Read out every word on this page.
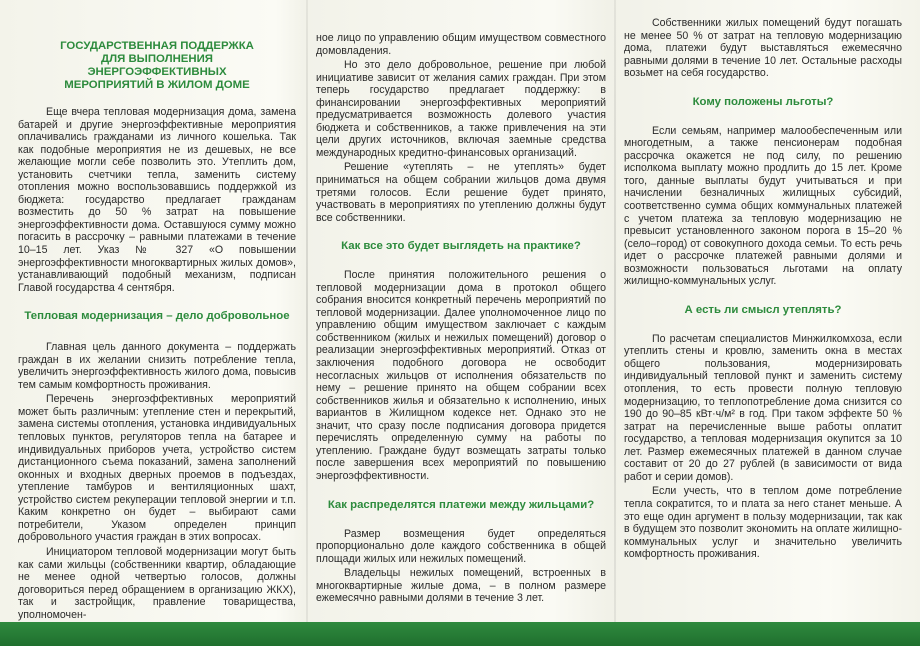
ГОСУДАРСТВЕННАЯ ПОДДЕРЖКА ДЛЯ ВЫПОЛНЕНИЯ ЭНЕРГОЭФФЕКТИВНЫХ МЕРОПРИЯТИЙ В ЖИЛОМ ДОМЕ

Еще вчера тепловая модернизация дома, замена батарей и другие энергоэффективные мероприятия оплачивались гражданами из личного кошелька. Так как подобные мероприятия не из дешевых, не все желающие могли себе позволить это. Утеплить дом, установить счетчики тепла, заменить систему отопления можно воспользовавшись поддержкой из бюджета: государство предлагает гражданам возместить до 50 % затрат на повышение энергоэффективности дома. Оставшуюся сумму можно погасить в рассрочку – равными платежами в течение 10–15 лет. Указ № 327 «О повышении энергоэффективности многоквартирных жилых домов», устанавливающий подобный механизм, подписан Главой государства 4 сентября.

Тепловая модернизация – дело добровольное

Главная цель данного документа – поддержать граждан в их желании снизить потребление тепла, увеличить энергоэффективность жилого дома, повысив тем самым комфортность проживания.

Перечень энергоэффективных мероприятий может быть различным: утепление стен и перекрытий, замена системы отопления, установка индивидуальных тепловых пунктов, регуляторов тепла на батарее и индивидуальных приборов учета, устройство систем дистанционного съема показаний, замена заполнений оконных и входных дверных проемов в подъездах, утепление тамбуров и вентиляционных шахт, устройство систем рекуперации тепловой энергии и т.п. Каким конкретно он будет – выбирают сами потребители, Указом определен принцип добровольного участия граждан в этих вопросах.

Инициатором тепловой модернизации могут быть как сами жильцы (собственники квартир, обладающие не менее одной четвертью голосов, должны договориться перед обращением в организацию ЖКХ), так и застройщик, правление товарищества, уполномочен-

ное лицо по управлению общим имуществом совместного домовладения.

Но это дело добровольное, решение при любой инициативе зависит от желания самих граждан. При этом теперь государство предлагает поддержку: в финансировании энергоэффективных мероприятий предусматривается возможность долевого участия бюджета и собственников, а также привлечения на эти цели других источников, включая заемные средства международных кредитно-финансовых организаций.

Решение «утеплять – не утеплять» будет приниматься на общем собрании жильцов дома двумя третями голосов. Если решение будет принято, участвовать в мероприятиях по утеплению должны будут все собственники.

Как все это будет выглядеть на практике?

После принятия положительного решения о тепловой модернизации дома в протокол общего собрания вносится конкретный перечень мероприятий по тепловой модернизации. Далее уполномоченное лицо по управлению общим имуществом заключает с каждым собственником (жилых и нежилых помещений) договор о реализации энергоэффективных мероприятий. Отказ от заключения подобного договора не освободит несогласных жильцов от исполнения обязательств по нему – решение принято на общем собрании всех собственников жилья и обязательно к исполнению, иных вариантов в Жилищном кодексе нет. Однако это не значит, что сразу после подписания договора придется перечислять определенную сумму на работы по утеплению. Граждане будут возмещать затраты только после завершения всех мероприятий по повышению энергоэффективности.

Как распределятся платежи между жильцами?

Размер возмещения будет определяться пропорционально доле каждого собственника в общей площади жилых или нежилых помещений.

Владельцы нежилых помещений, встроенных в многоквартирные жилые дома, – в полном размере ежемесячно равными долями в течение 3 лет.

Собственники жилых помещений будут погашать не менее 50 % от затрат на тепловую модернизацию дома, платежи будут выставляться ежемесячно равными долями в течение 10 лет. Остальные расходы возьмет на себя государство.

Кому положены льготы?

Если семьям, например малообеспеченным или многодетным, а также пенсионерам подобная рассрочка окажется не под силу, по решению исполкома выплату можно продлить до 15 лет. Кроме того, данные выплаты будут учитываться и при начислении безналичных жилищных субсидий, соответственно сумма общих коммунальных платежей с учетом платежа за тепловую модернизацию не превысит установленного законом порога в 15–20 % (село–город) от совокупного дохода семьи. То есть речь идет о рассрочке платежей равными долями и возможности пользоваться льготами на оплату жилищно-коммунальных услуг.

А есть ли смысл утеплять?

По расчетам специалистов Минжилкомхоза, если утеплить стены и кровлю, заменить окна в местах общего пользования, модернизировать индивидуальный тепловой пункт и заменить систему отопления, то есть провести полную тепловую модернизацию, то теплопотребление дома снизится со 190 до 90–85 кВт·ч/м² в год. При таком эффекте 50 % затрат на перечисленные выше работы оплатит государство, а тепловая модернизация окупится за 10 лет. Размер ежемесячных платежей в данном случае составит от 20 до 27 рублей (в зависимости от вида работ и серии домов).

Если учесть, что в теплом доме потребление тепла сократится, то и плата за него станет меньше. А это еще один аргумент в пользу модернизации, так как в будущем это позволит экономить на оплате жилищно-коммунальных услуг и значительно увеличить комфортность проживания.
